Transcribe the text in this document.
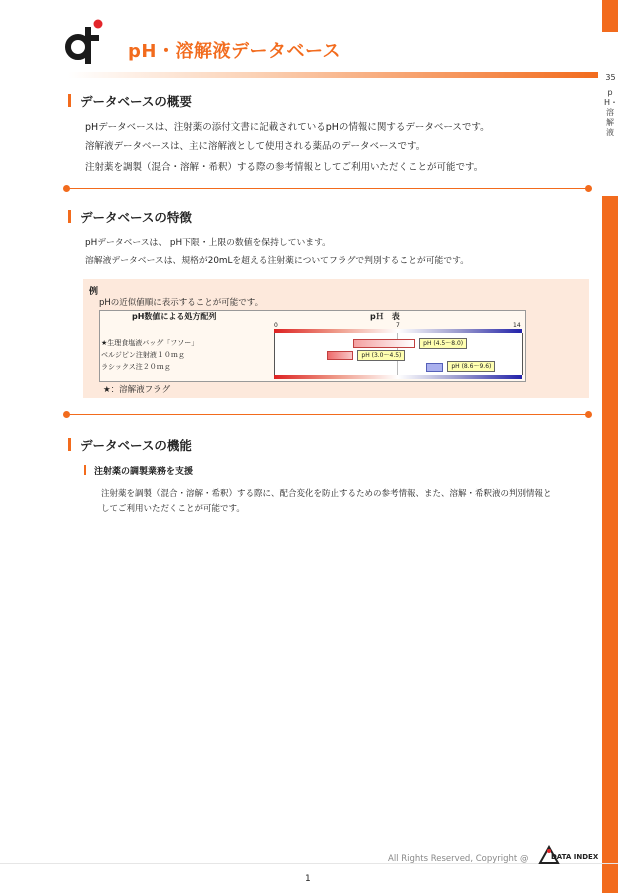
35
pH・溶解液
pH・溶解液データベース
データベースの概要
pHデータベースは、注射薬の添付文書に記載されているpHの情報に関するデータベースです。
溶解液データベースは、主に溶解液として使用される薬品のデータベースです。
注射薬を調製（混合・溶解・希釈）する際の参考情報としてご利用いただくことが可能です。
データベースの特徴
pHデータベースは、 pH下限・上限の数値を保持しています。
溶解液データベースは、規格が20mLを超える注射薬についてフラグで判別することが可能です。
例
pHの近似値順に表示することが可能です。
pH数値による処方配列	pＨ　表
0	7	14
★生理食塩液バッグ「フソー」
ベルジピン注射液１０ｍｇ
ラシックス注２０ｍｇ
pH (4.5～8.0)
pH (3.0～4.5)
pH (8.6～9.6)
★：溶解液フラグ
データベースの機能
注射薬の調製業務を支援
注射薬を調製（混合・溶解・希釈）する際に、配合変化を防止するための参考情報、また、溶解・希釈液の判別情報と
してご利用いただくことが可能です。
All Rights Reserved, Copyright @	DATA INDEX
1
